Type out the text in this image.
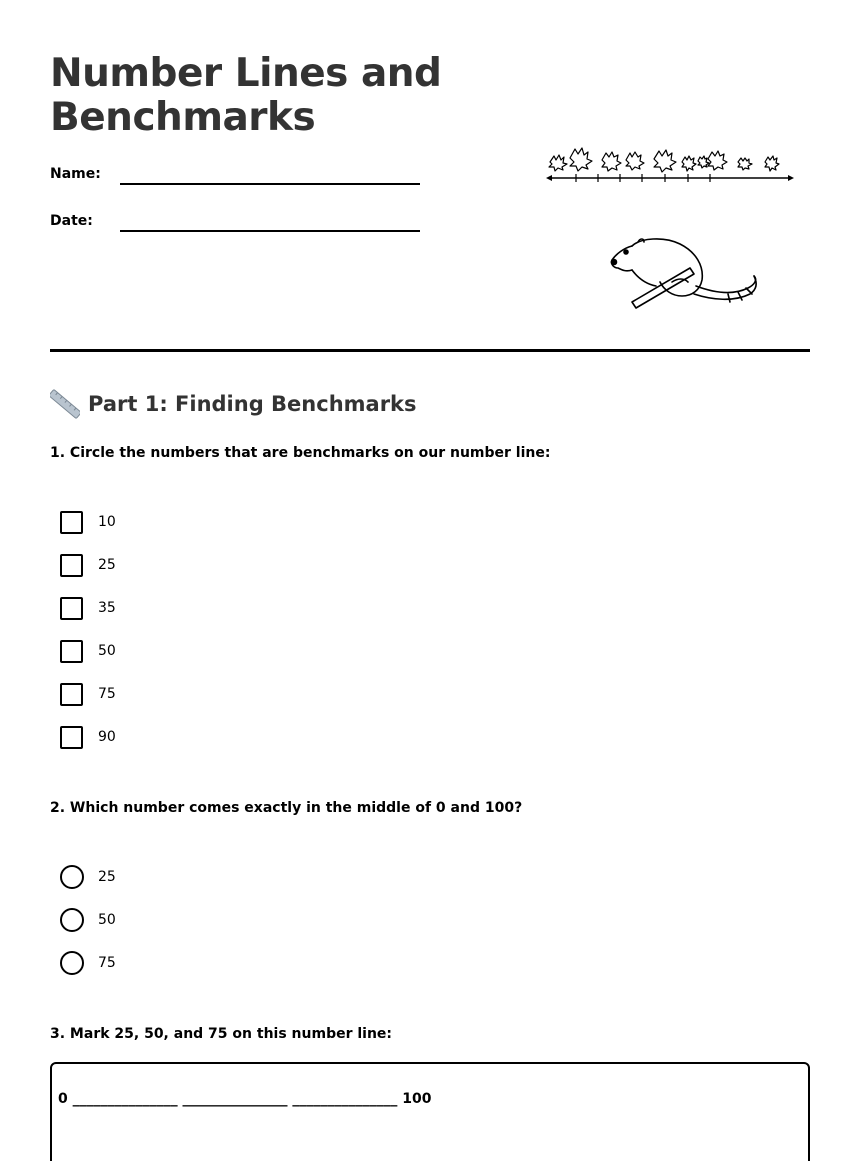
Number Lines and
Benchmarks
Name:
Date:
Part 1: Finding Benchmarks
1. Circle the numbers that are benchmarks on our number line:
10
25
35
50
75
90
2. Which number comes exactly in the middle of 0 and 100?
25
50
75
3. Mark 25, 50, and 75 on this number line:
0 _______________ _______________ _______________ 100
